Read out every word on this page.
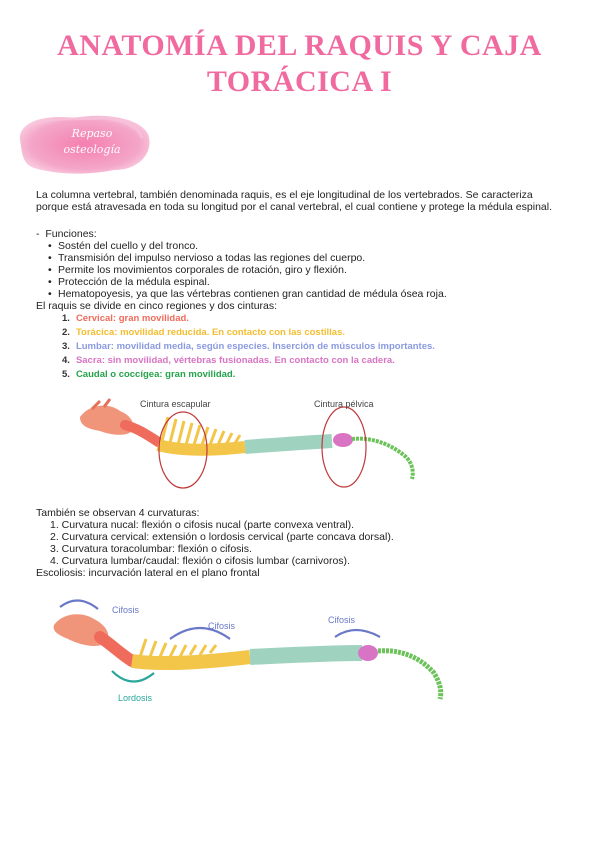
ANATOMÍA DEL RAQUIS Y CAJA
TORÁCICA I
Repaso
osteología
La columna vertebral, también denominada raquis, es el eje longitudinal de los vertebrados. Se caracteriza porque está atravesada en toda su longitud por el canal vertebral, el cual contiene y protege la médula espinal.
-  Funciones:
• Sostén del cuello y del tronco.
• Transmisión del impulso nervioso a todas las regiones del cuerpo.
• Permite los movimientos corporales de rotación, giro y flexión.
• Protección de la médula espinal.
• Hematopoyesis, ya que las vértebras contienen gran cantidad de médula ósea roja.
El raquis se divide en cinco regiones y dos cinturas:
1. Cervical: gran movilidad.
2. Torácica: movilidad reducida. En contacto con las costillas.
3. Lumbar: movilidad media, según especies. Inserción de músculos importantes.
4. Sacra: sin movilidad, vértebras fusionadas. En contacto con la cadera.
5. Caudal o coccígea: gran movilidad.
Cintura escapular	Cintura pélvica
También se observan 4 curvaturas:
1. Curvatura nucal: flexión o cifosis nucal (parte convexa ventral).
2. Curvatura cervical: extensión o lordosis cervical (parte concava dorsal).
3. Curvatura toracolumbar: flexión o cifosis.
4. Curvatura lumbar/caudal: flexión o cifosis lumbar (carnivoros).
Escoliosis: incurvación lateral en el plano frontal
Cifosis
Cifosis
Cifosis
Lordosis
